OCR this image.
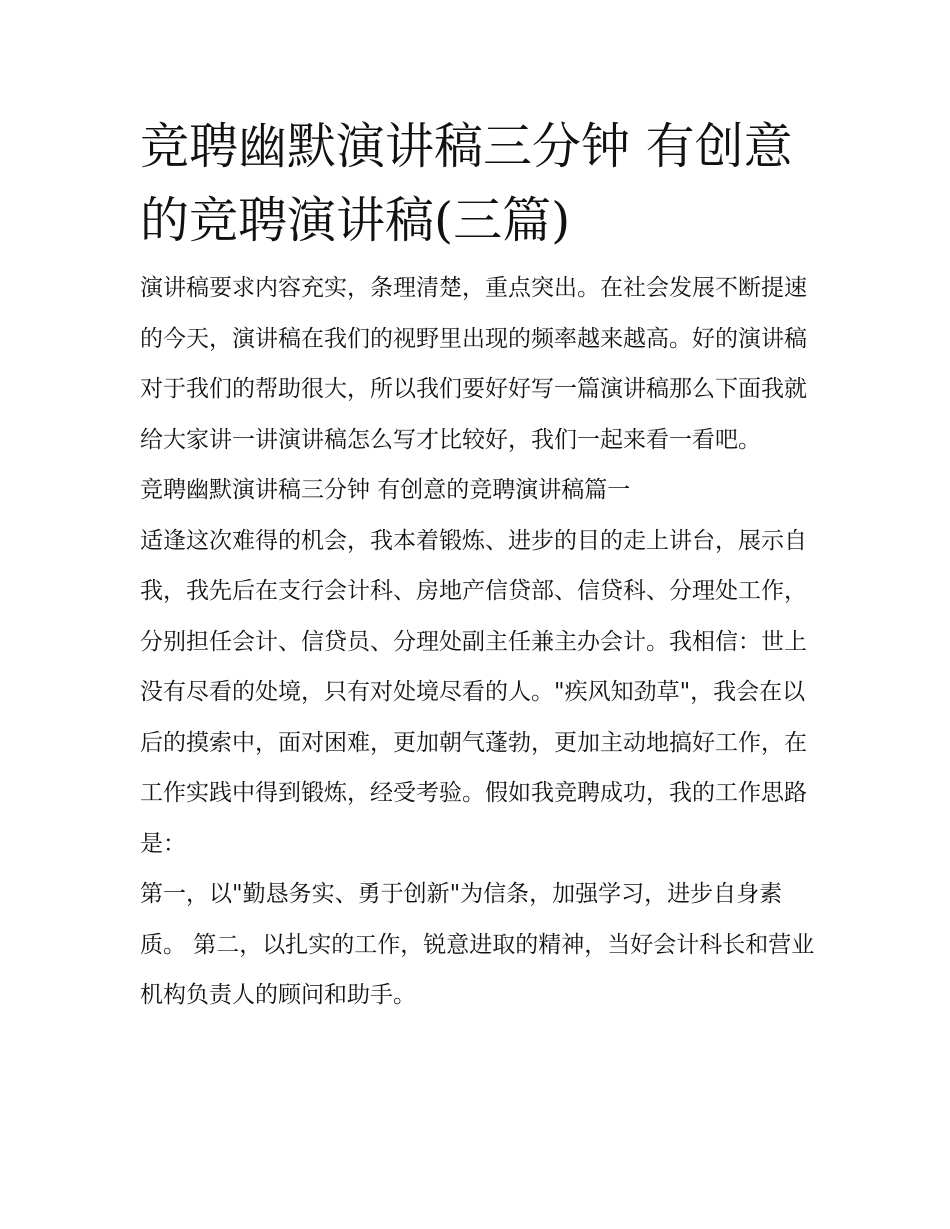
竞聘幽默演讲稿三分钟 有创意的竞聘演讲稿(三篇)

演讲稿要求内容充实，条理清楚，重点突出。在社会发展不断提速的今天，演讲稿在我们的视野里出现的频率越来越高。好的演讲稿对于我们的帮助很大，所以我们要好好写一篇演讲稿那么下面我就给大家讲一讲演讲稿怎么写才比较好，我们一起来看一看吧。

竞聘幽默演讲稿三分钟 有创意的竞聘演讲稿篇一

适逢这次难得的机会，我本着锻炼、进步的目的走上讲台，展示自我，我先后在支行会计科、房地产信贷部、信贷科、分理处工作，分别担任会计、信贷员、分理处副主任兼主办会计。我相信：世上没有尽看的处境，只有对处境尽看的人。"疾风知劲草"，我会在以后的摸索中，面对困难，更加朝气蓬勃，更加主动地搞好工作，在工作实践中得到锻炼，经受考验。假如我竞聘成功，我的工作思路是：

第一，以"勤恳务实、勇于创新"为信条，加强学习，进步自身素质。 第二，以扎实的工作，锐意进取的精神，当好会计科长和营业机构负责人的顾问和助手。
